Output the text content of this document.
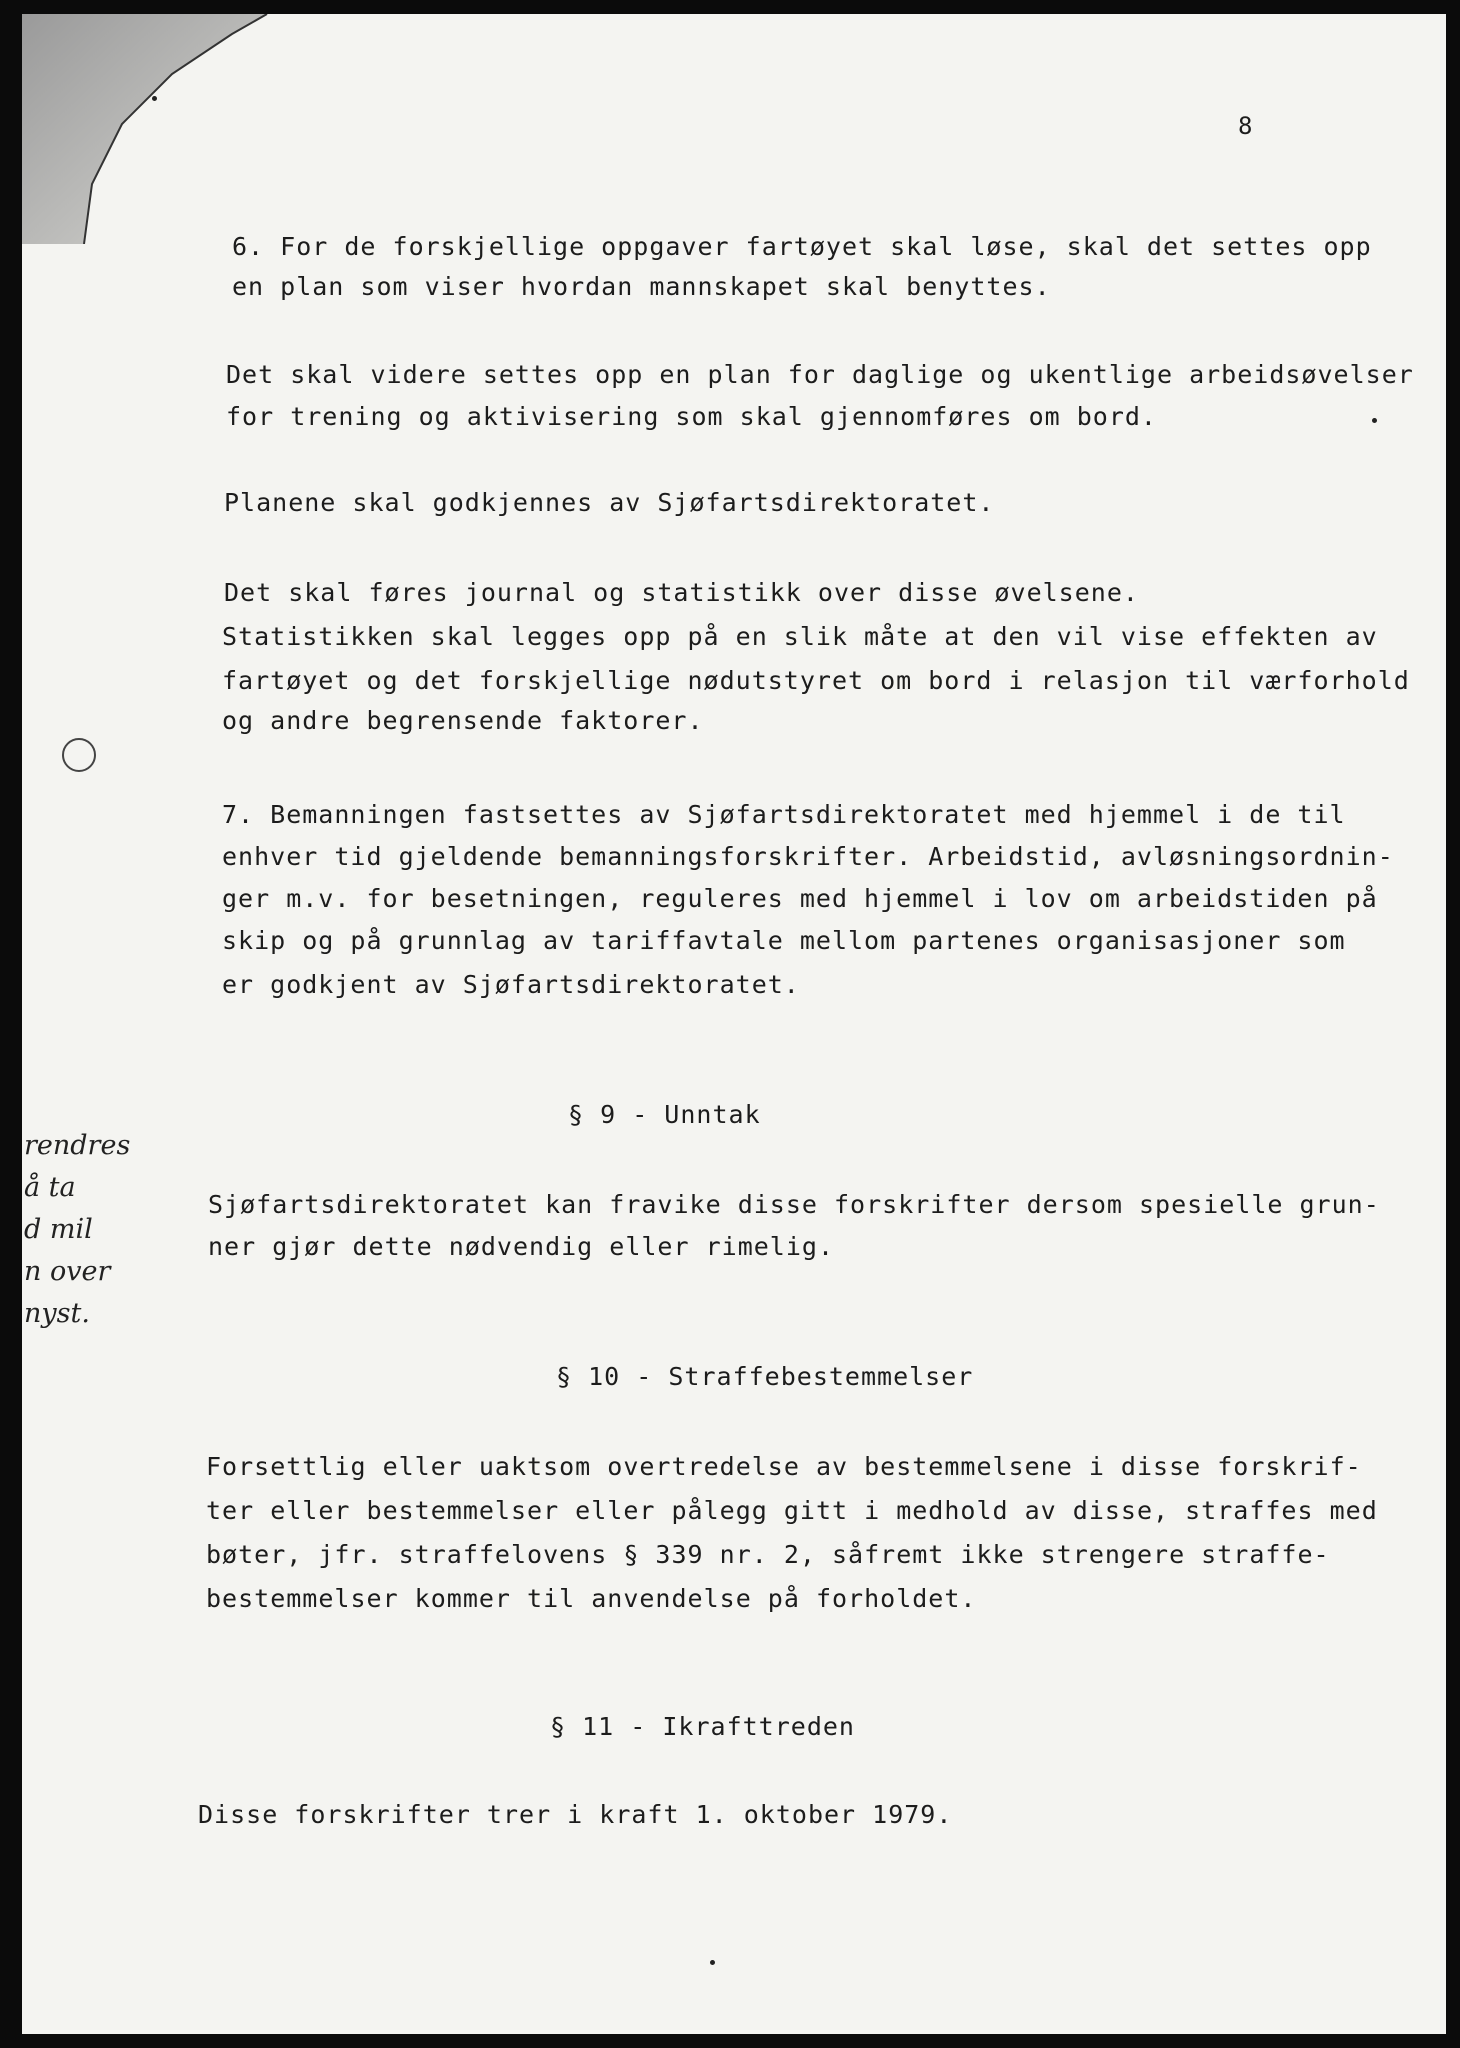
8
6. For de forskjellige oppgaver fartøyet skal løse, skal det settes opp
en plan som viser hvordan mannskapet skal benyttes.
Det skal videre settes opp en plan for daglige og ukentlige arbeidsøvelser
for trening og aktivisering som skal gjennomføres om bord.
Planene skal godkjennes av Sjøfartsdirektoratet.
Det skal føres journal og statistikk over disse øvelsene.
Statistikken skal legges opp på en slik måte at den vil vise effekten av
fartøyet og det forskjellige nødutstyret om bord i relasjon til værforhold
og andre begrensende faktorer.
7. Bemanningen fastsettes av Sjøfartsdirektoratet med hjemmel i de til
enhver tid gjeldende bemanningsforskrifter. Arbeidstid, avløsningsordnin-
ger m.v. for besetningen, reguleres med hjemmel i lov om arbeidstiden på
skip og på grunnlag av tariffavtale mellom partenes organisasjoner som
er godkjent av Sjøfartsdirektoratet.
§ 9 - Unntak
Sjøfartsdirektoratet kan fravike disse forskrifter dersom spesielle grun-
ner gjør dette nødvendig eller rimelig.
rendres
å ta
d mil
n over
nyst.
§ 10 - Straffebestemmelser
Forsettlig eller uaktsom overtredelse av bestemmelsene i disse forskrif-
ter eller bestemmelser eller pålegg gitt i medhold av disse, straffes med
bøter, jfr. straffelovens § 339 nr. 2, såfremt ikke strengere straffe-
bestemmelser kommer til anvendelse på forholdet.
§ 11 - Ikrafttreden
Disse forskrifter trer i kraft 1. oktober 1979.
